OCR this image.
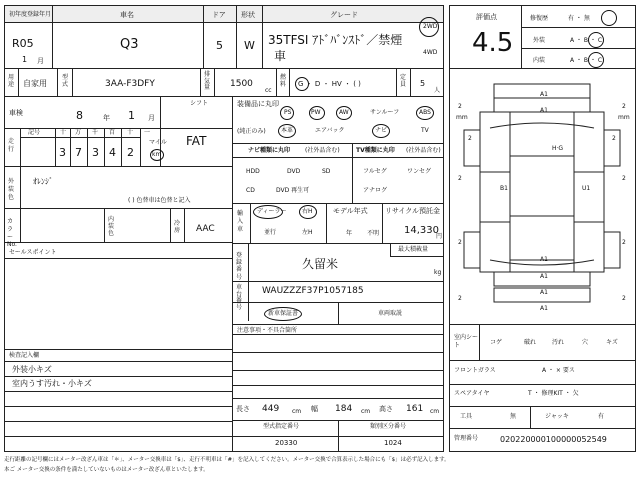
初年度登録年月
R05
1 月
車名
Q3
ドア
5
形状
W
グレード
35TFSI ｱﾄﾞﾊﾞﾝｽﾄﾞ／禁煙
車
2WD
4WD
用途 自家用
型式	3AA-F3DFY
排気量 1500
cc
燃料 G ・ D ・ HV ・ ( )
定員 5
人
車検	8	年 1 月
シフト
FAT
走行
記号	十 万 千 百 十 一
3 7 3 4 2
マイル
km
外装色
ｵﾚﾝｼﾞ
( ) 色替車は色替と記入
カラーNo.
内装色
冷房 AAC
セールスポイント
検査記入欄
外装小キズ
室内うす汚れ・小キズ
装備品に丸印
(純正のみ)
PS	PW	AW	サンルーフ	ABS
本革	エアバック	ナビ	TV
ナビ種類に丸印 (社外品含む)
HDD	DVD	SD
CD	DVD 再生可
TV種類に丸印 (社外品含む)
フルセグ	ワンセグ
アナログ
輸入車
ディーラー	右H
並行	左H
モデル年式
年 不明
リサイクル預託金
14,330
円
登録番号
久留米
最大積載量
kg
車台番号
WAUZZZF37P1057185
新車保証書	車両取説
注意事項・不具合箇所
長さ 449 cm 幅 184 cm 高さ 161 cm
型式指定番号
20330
類別区分番号
1024
評価点
4.5
修復歴	有 ・ 無
外装	A ・ B ・ C
内装	A ・ B ・ C
A1
A1
H·G
B1	U1
A1
A1
A1
A1
2	2
2	2
2	2
2	2
2	2
mm	mm
室内シート	コゲ	破れ	汚れ	穴	キズ
フロントガラス	A ・ × 要ス
スペアタイヤ	T ・ 修理KIT ・ 欠
工具	無	ジャッキ	有
管理番号	020220000100000052549
走行距離の記号欄にはメーター改ざん車は「＊」、メーター交換車は「$」、走行不明車は「#」を記入してください。メーター交換で合算表示した場合にも「$」は必ず記入します。
本ご メーター交換の条件を満たしていないものはメーター改ざん車といたします。
